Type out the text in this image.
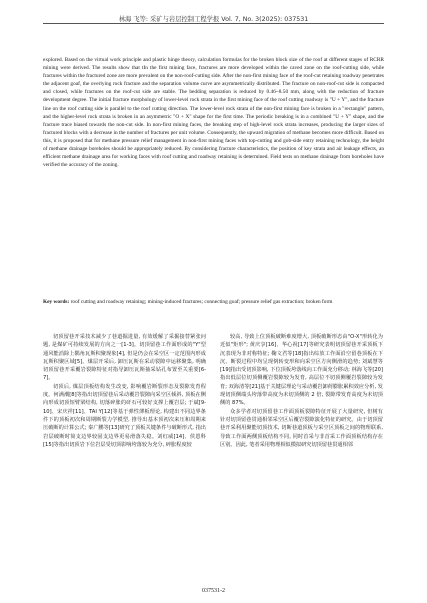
林海 飞等: 采矿与岩层控制工程学报 Vol. 7, No. 3(2025): 037531
explored. Based on the virtual work principle and plastic hinge theory, calculation formulas for the broken block size of the roof at different stages of RCRR mining were derived. The results show that tIn the first mining face, fractures are more developed within the caved zone on the roof-cutting side, while fractures within the fractured zone are more prevalent on the non-roof-cutting side. After the non-first mining face of the roof-cut retaining roadway penetrates the adjacent goaf, the overlying rock fracture and the separation volume curve are asymmetrically distributed. The fracture on non-roof-cut side is compacted and closed, while fractures on the roof-cut side are stable. The bedding separation is reduced by 0.46~8.50 mm, along with the reduction of fracture development degree. The initial fracture morphology of lower-level rock strata in the first mining face of the roof cutting roadway is "U + Y", and the fracture line on the roof cutting side is parallel to the roof cutting direction. The lower-level rock strata of the non-first mining face is broken in a "rectangle" pattern, and the higher-level rock strata is broken in an asymmetric "O + X" shape for the first time. The periodic breaking is in a combined "U + Y" shape, and the fracture trace biased towards the non-cut side. In non-first mining faces, the breaking step of high-level rock strata increases, producing the larger sizes of fractured blocks with a decrease in the number of fractures per unit volume. Consequently, the upward migration of methane becomes more difficult. Based on this, it is proposed that for methane pressure relief management in non-first mining faces with top-cutting and gob-side entry retaining technology, the height of methane drainage boreholes should be appropriately reduced. By considering fracture characteristics, the position of key strata and air leakage effects, an efficient methane drainage area for working faces with roof cutting and roadway retaining is determined. Field tests on methane drainage from boreholes have verified the accuracy of the zoning.
Key words: roof cutting and roadway retaining; mining-induced fractures; connecting goaf; pressure relief gas extraction; broken form

切顶留巷开采技术减少了巷道掘进量, 有效缓解了采掘接替紧张问题, 是煤矿可持续发展的方向之一[1-3]。切顶留巷工作面形成的"Y"型通风能消除上隅角瓦斯积聚现象[4], 但是仍会在采空区一定范围内形成瓦斯积聚区域[5]。煤层开采后, 卸压瓦斯在采动裂隙中运移聚集, 明确切顶留巷开采覆岩裂隙特征对指导卸压瓦斯抽采钻孔布置至关重要[6-7]。

切顶后, 煤层顶板结构发生改变, 影响覆岩断裂形态及裂隙发育程度。何满潮[8]等指出切顶留巷后采动覆岩裂隙向采空区倾斜, 顶板在侧向形成切顶短臂梁结构, 切落碎胀的矸石可较好支撑上覆岩层; 于斌[9-10]、宋庆祥[11]、TAI Y[12]等基于弹性薄板理论, 构建出不同边界条件下的顶板初次和周期断裂力学模型, 推导出基本顶初次来压和周期来压破断的计算公式; 秦广鹏等[13]研究了顶板关键条件与破断形式, 指出岩层破断时简支边界较固支边界更易滑落失稳。刘红威[14]、侯恩科[15]等指出切顶岩下位岩层受切顶影响垮落较为充分, 碎胀程度较

较高, 导致上位顶板破断难度增大, 顶板破断形态由"O-X"形转化为近似"矩形"; 黄庆享[16]、华心祝[17]等研究表明切顶留巷开采顶板下沉表现为非对称特征; 鞠文君等[18]指出综放工作面沿空留巷顶板在下沉、断裂过程中均呈现倒转变形和向采空区方向侧滑的趋势; 刘斌慧等[19]指出受切顶影响, 下位顶板垮落线向工作面充分移动; 林海飞等[20]指出低层位切顶侧覆岩裂隙较为发育, 高层位不切顶侧覆岩裂隙较为发育; 双海清等[21]基于关键层理论与采动覆岩卸荷膨胀累积效应分析, 发现切顶侧端头垮落带高度为未切顶侧的 2 倍, 裂隙带发育高度为未切顶侧的 87%。

众多学者对切顶留巷工作面顶板裂隙特征开展了大量研究, 但树有针对切顶留巷贯通相邻采空区后覆岩裂隙演化特征的研究。由于切顶留巷开采利用聚能切顶技术, 切断巷道顶板与采空区顶板之间的物理联系, 导致工作面两侧顶板结构不同, 同时首采与非首采工作面顶板结构存在区别。因此, 笔者采用物理相似模拟研究切顶留巷贯通相邻

037531-2
